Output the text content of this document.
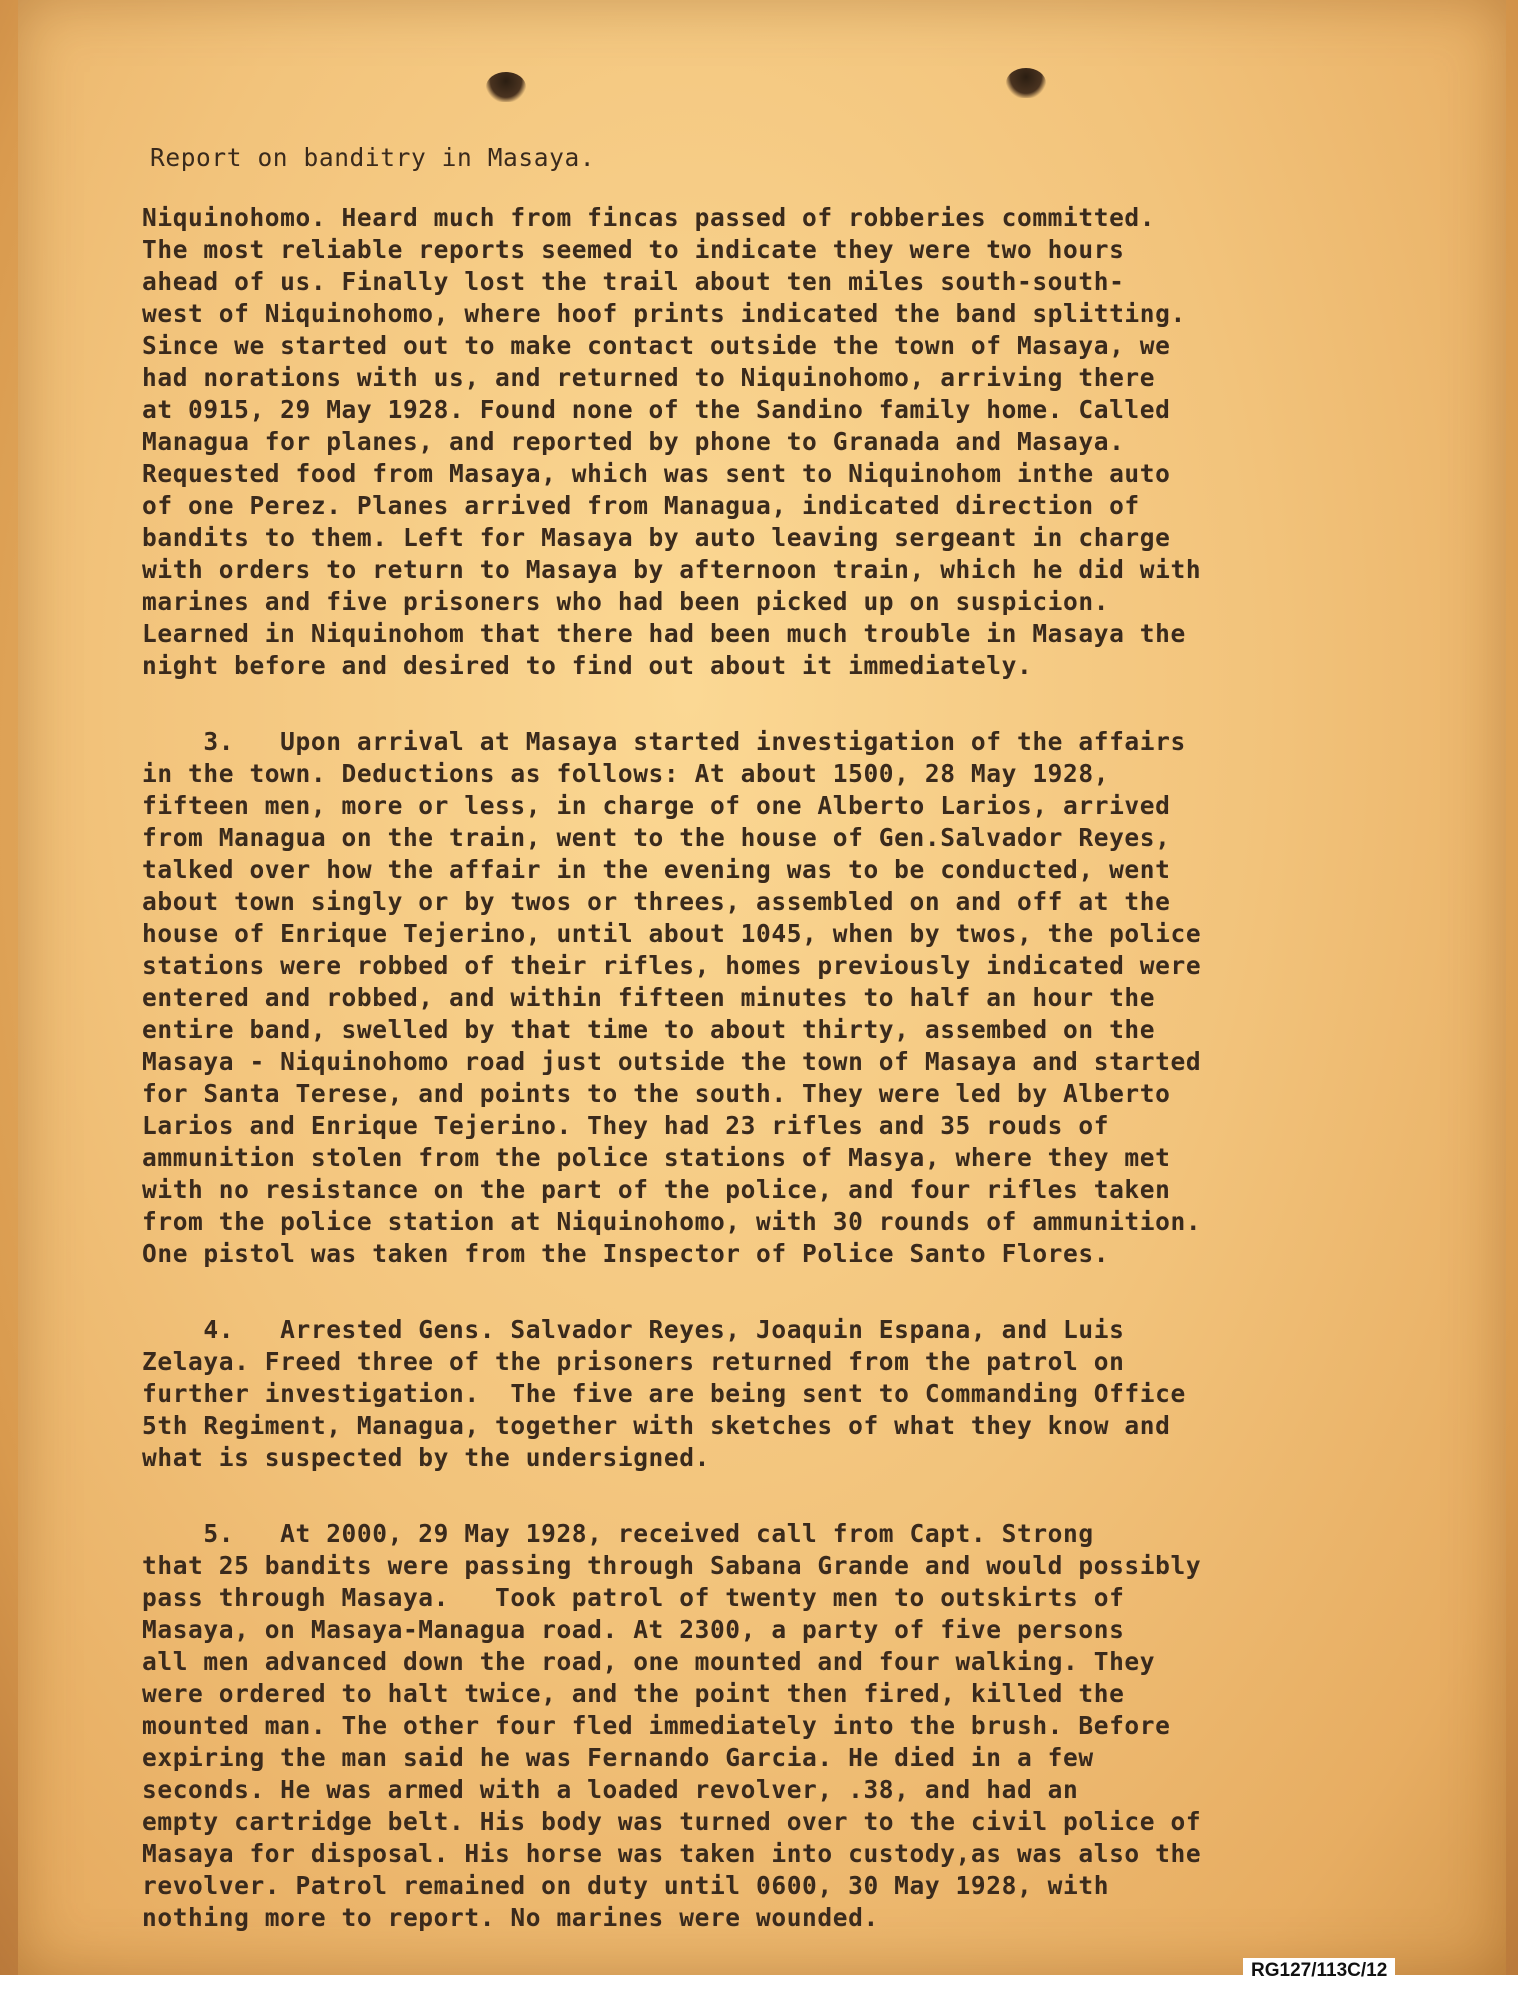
Report on banditry in Masaya.
Niquinohomo. Heard much from fincas passed of robberies committed.
The most reliable reports seemed to indicate they were two hours
ahead of us. Finally lost the trail about ten miles south-south-
west of Niquinohomo, where hoof prints indicated the band splitting.
Since we started out to make contact outside the town of Masaya, we
had norations with us, and returned to Niquinohomo, arriving there
at 0915, 29 May 1928. Found none of the Sandino family home. Called
Managua for planes, and reported by phone to Granada and Masaya.
Requested food from Masaya, which was sent to Niquinohom inthe auto
of one Perez. Planes arrived from Managua, indicated direction of
bandits to them. Left for Masaya by auto leaving sergeant in charge
with orders to return to Masaya by afternoon train, which he did with
marines and five prisoners who had been picked up on suspicion.
Learned in Niquinohom that there had been much trouble in Masaya the
night before and desired to find out about it immediately.
3.   Upon arrival at Masaya started investigation of the affairs
in the town. Deductions as follows: At about 1500, 28 May 1928,
fifteen men, more or less, in charge of one Alberto Larios, arrived
from Managua on the train, went to the house of Gen.Salvador Reyes,
talked over how the affair in the evening was to be conducted, went
about town singly or by twos or threes, assembled on and off at the
house of Enrique Tejerino, until about 1045, when by twos, the police
stations were robbed of their rifles, homes previously indicated were
entered and robbed, and within fifteen minutes to half an hour the
entire band, swelled by that time to about thirty, assembed on the
Masaya - Niquinohomo road just outside the town of Masaya and started
for Santa Terese, and points to the south. They were led by Alberto
Larios and Enrique Tejerino. They had 23 rifles and 35 rouds of
ammunition stolen from the police stations of Masya, where they met
with no resistance on the part of the police, and four rifles taken
from the police station at Niquinohomo, with 30 rounds of ammunition.
One pistol was taken from the Inspector of Police Santo Flores.
4.   Arrested Gens. Salvador Reyes, Joaquin Espana, and Luis
Zelaya. Freed three of the prisoners returned from the patrol on
further investigation.  The five are being sent to Commanding Office
5th Regiment, Managua, together with sketches of what they know and
what is suspected by the undersigned.
5.   At 2000, 29 May 1928, received call from Capt. Strong
that 25 bandits were passing through Sabana Grande and would possibly
pass through Masaya.   Took patrol of twenty men to outskirts of
Masaya, on Masaya-Managua road. At 2300, a party of five persons
all men advanced down the road, one mounted and four walking. They
were ordered to halt twice, and the point then fired, killed the
mounted man. The other four fled immediately into the brush. Before
expiring the man said he was Fernando Garcia. He died in a few
seconds. He was armed with a loaded revolver, .38, and had an
empty cartridge belt. His body was turned over to the civil police of
Masaya for disposal. His horse was taken into custody,as was also the
revolver. Patrol remained on duty until 0600, 30 May 1928, with
nothing more to report. No marines were wounded.
RG127/113C/12
